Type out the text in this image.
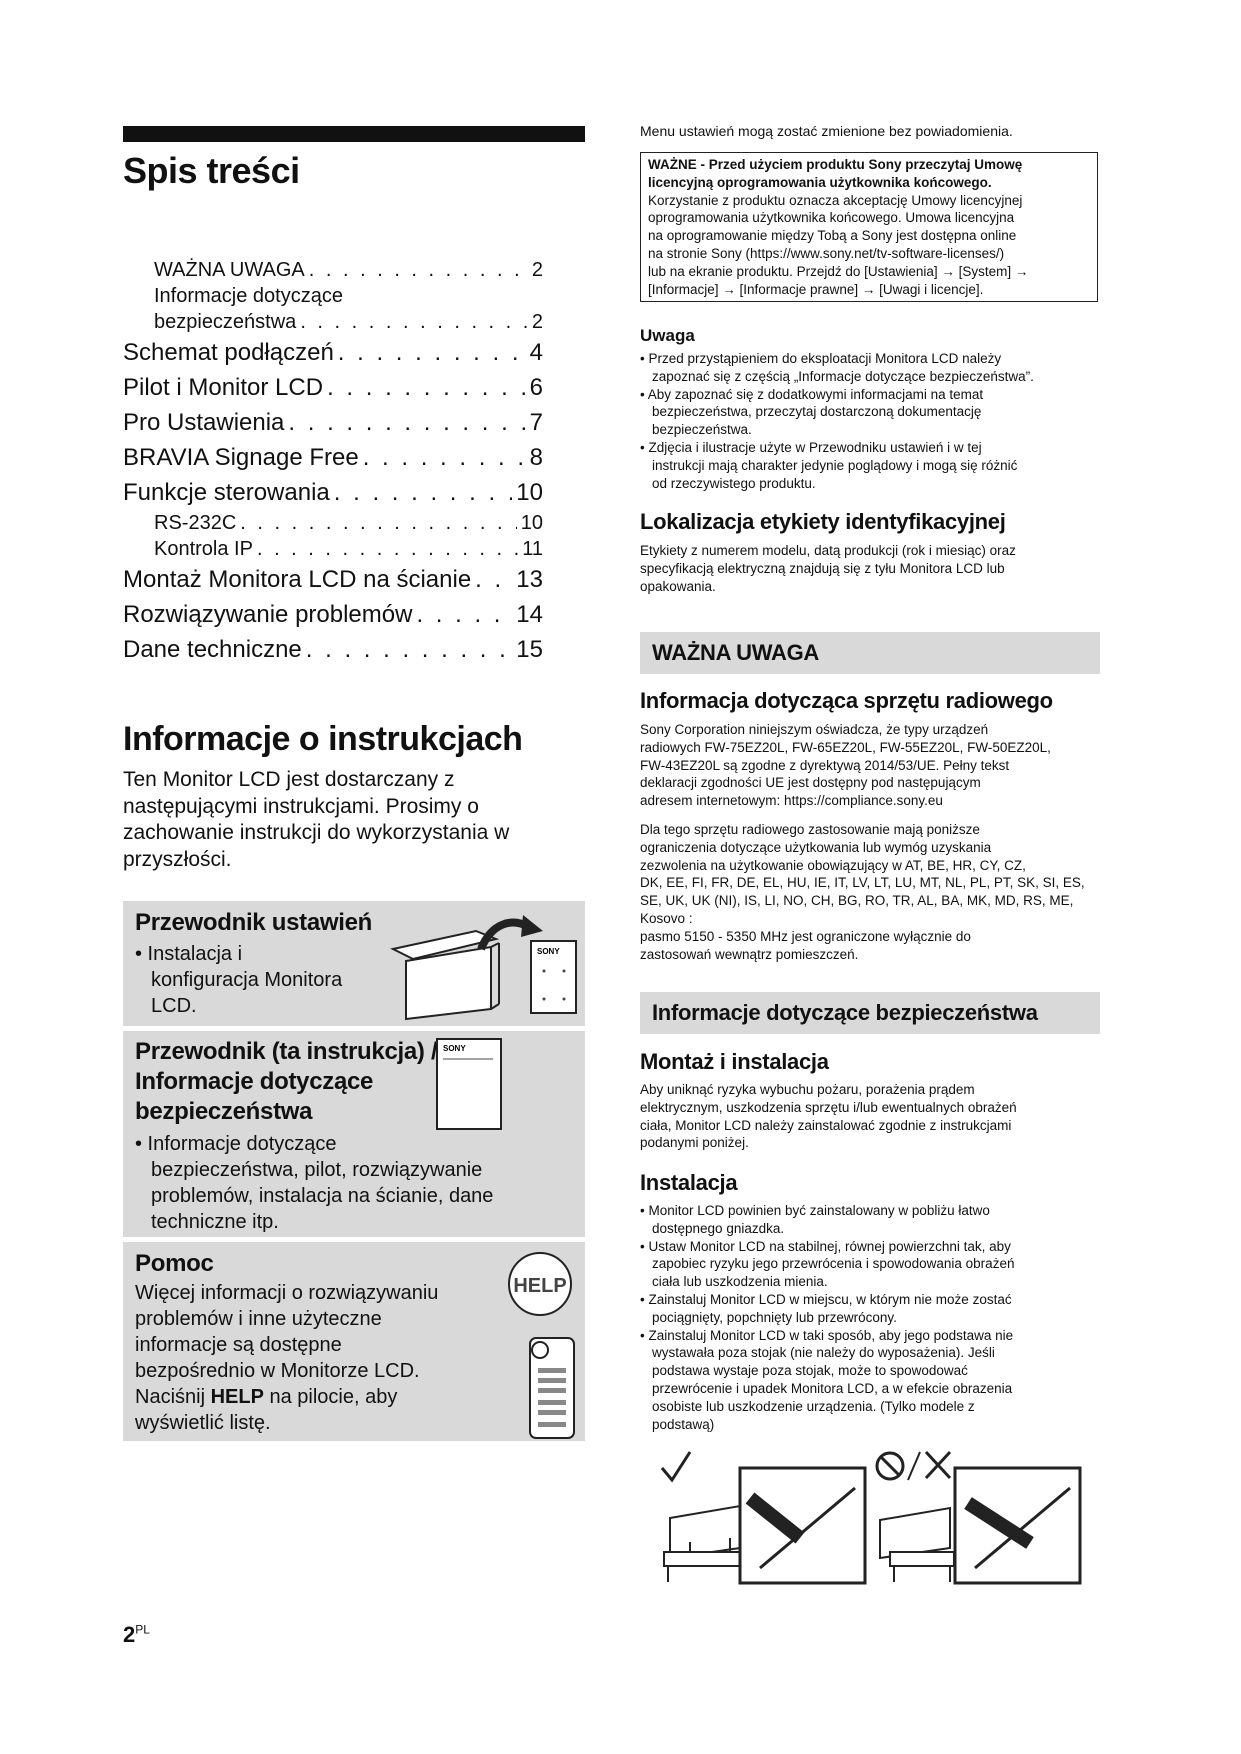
Spis treści
WAŻNA UWAGA . . .	2
Informacje dotyczące
bezpieczeństwa . . .	2
Schemat podłączeń . . .	4
Pilot i Monitor LCD . . .	6
Pro Ustawienia . . .	7
BRAVIA Signage Free . . .	8
Funkcje sterowania . . .	10
RS-232C . . .	10
Kontrola IP . . .	11
Montaż Monitora LCD na ścianie . . . 13
Rozwiązywanie problemów . . .	14
Dane techniczne . . .	15
Informacje o instrukcjach
Ten Monitor LCD jest dostarczany z
następującymi instrukcjami. Prosimy o
zachowanie instrukcji do wykorzystania w
przyszłości.
Przewodnik ustawień
• Instalacja i
konfiguracja Monitora
LCD.
SONY
Przewodnik (ta instrukcja) /
Informacje dotyczące
bezpieczeństwa
• Informacje dotyczące
bezpieczeństwa, pilot, rozwiązywanie
problemów, instalacja na ścianie, dane
techniczne itp.
SONY
Pomoc
Więcej informacji o rozwiązywaniu
problemów i inne użyteczne
informacje są dostępne
bezpośrednio w Monitorze LCD.
Naciśnij HELP na pilocie, aby
wyświetlić listę.
HELP
$2^{PL}$
Menu ustawień mogą zostać zmienione bez powiadomienia.
WAŻNE - Przed użyciem produktu Sony przeczytaj Umowę
licencyjną oprogramowania użytkownika końcowego.
Korzystanie z produktu oznacza akceptację Umowy licencyjnej
oprogramowania użytkownika końcowego. Umowa licencyjna
na oprogramowanie między Tobą a Sony jest dostępna online
na stronie Sony (https://www.sony.net/tv-software-licenses/)
lub na ekranie produktu. Przejdź do [Ustawienia] → [System] →
[Informacje] → [Informacje prawne] → [Uwagi i licencje].
Uwaga
• Przed przystąpieniem do eksploatacji Monitora LCD należy
zapoznać się z częścią „Informacje dotyczące bezpieczeństwa”.
• Aby zapoznać się z dodatkowymi informacjami na temat
bezpieczeństwa, przeczytaj dostarczoną dokumentację
bezpieczeństwa.
• Zdjęcia i ilustracje użyte w Przewodniku ustawień i w tej
instrukcji mają charakter jedynie poglądowy i mogą się różnić
od rzeczywistego produktu.
Lokalizacja etykiety identyfikacyjnej
Etykiety z numerem modelu, datą produkcji (rok i miesiąc) oraz
specyfikacją elektryczną znajdują się z tyłu Monitora LCD lub
opakowania.
WAŻNA UWAGA
Informacja dotycząca sprzętu radiowego
Sony Corporation niniejszym oświadcza, że typy urządzeń
radiowych FW-75EZ20L, FW-65EZ20L, FW-55EZ20L, FW-50EZ20L,
FW-43EZ20L są zgodne z dyrektywą 2014/53/UE. Pełny tekst
deklaracji zgodności UE jest dostępny pod następującym
adresem internetowym: https://compliance.sony.eu
Dla tego sprzętu radiowego zastosowanie mają poniższe
ograniczenia dotyczące użytkowania lub wymóg uzyskania
zezwolenia na użytkowanie obowiązujący w AT, BE, HR, CY, CZ,
DK, EE, FI, FR, DE, EL, HU, IE, IT, LV, LT, LU, MT, NL, PL, PT, SK, SI, ES,
SE, UK, UK (NI), IS, LI, NO, CH, BG, RO, TR, AL, BA, MK, MD, RS, ME,
Kosovo :
pasmo 5150 - 5350 MHz jest ograniczone wyłącznie do
zastosowań wewnątrz pomieszczeń.
Informacje dotyczące bezpieczeństwa
Montaż i instalacja
Aby uniknąć ryzyka wybuchu pożaru, porażenia prądem
elektrycznym, uszkodzenia sprzętu i/lub ewentualnych obrażeń
ciała, Monitor LCD należy zainstalować zgodnie z instrukcjami
podanymi poniżej.
Instalacja
• Monitor LCD powinien być zainstalowany w pobliżu łatwo
dostępnego gniazdka.
• Ustaw Monitor LCD na stabilnej, równej powierzchni tak, aby
zapobiec ryzyku jego przewrócenia i spowodowania obrażeń
ciała lub uszkodzenia mienia.
• Zainstaluj Monitor LCD w miejscu, w którym nie może zostać
pociągnięty, popchnięty lub przewrócony.
• Zainstaluj Monitor LCD w taki sposób, aby jego podstawa nie
wystawała poza stojak (nie należy do wyposażenia). Jeśli
podstawa wystaje poza stojak, może to spowodować
przewrócenie i upadek Monitora LCD, a w efekcie obrazenia
osobiste lub uszkodzenie urządzenia. (Tylko modele z
podstawą)
